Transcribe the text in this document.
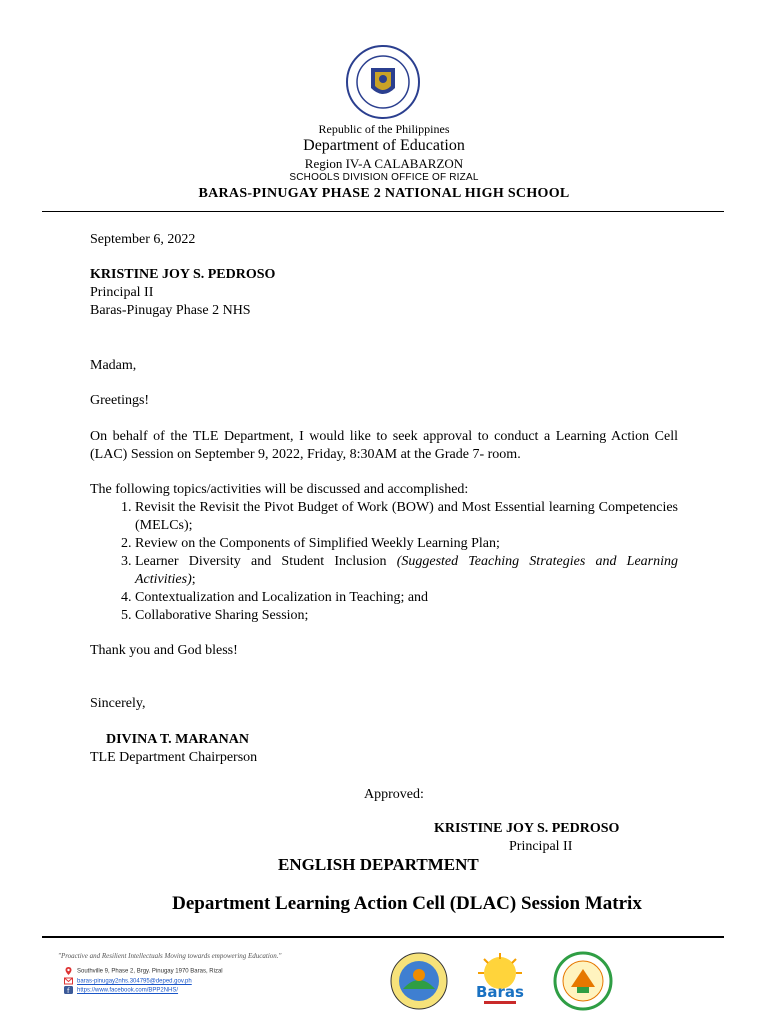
Republic of the Philippines
Department of Education
Region IV-A CALABARZON
SCHOOLS DIVISION OFFICE OF RIZAL
BARAS-PINUGAY PHASE 2 NATIONAL HIGH SCHOOL
September 6, 2022
KRISTINE JOY S. PEDROSO
Principal II
Baras-Pinugay Phase 2 NHS
Madam,
Greetings!
On behalf of the TLE Department, I would like to seek approval to conduct a Learning Action Cell (LAC) Session on September 9, 2022, Friday, 8:30AM at the Grade 7- room.
The following topics/activities will be discussed and accomplished:
1. Revisit the Revisit the Pivot Budget of Work (BOW) and Most Essential learning Competencies (MELCs);
2. Review on the Components of Simplified Weekly Learning Plan;
3. Learner Diversity and Student Inclusion (Suggested Teaching Strategies and Learning Activities);
4. Contextualization and Localization in Teaching; and
5. Collaborative Sharing Session;
Thank you and God bless!
Sincerely,
DIVINA T. MARANAN
TLE Department Chairperson
Approved:
KRISTINE JOY S. PEDROSO
Principal II
ENGLISH DEPARTMENT
Department Learning Action Cell (DLAC) Session Matrix
"Proactive and Resilient Intellectuals Moving towards empowering Education."
Southville 9, Phase 2, Brgy. Pinugay 1970 Baras, Rizal
baras-pinugay2nhs.304795@deped.gov.ph
f https://www.facebook.com/BPP2NHS/	Baras
